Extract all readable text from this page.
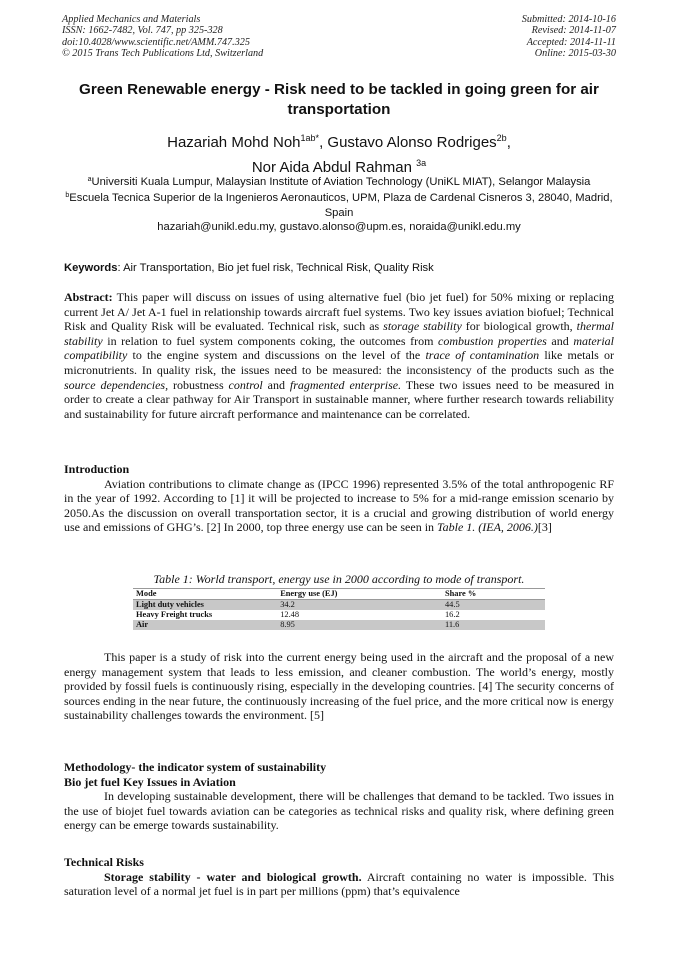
Applied Mechanics and Materials
ISSN: 1662-7482, Vol. 747, pp 325-328
doi:10.4028/www.scientific.net/AMM.747.325
© 2015 Trans Tech Publications Ltd, Switzerland
Submitted: 2014-10-16
Revised: 2014-11-07
Accepted: 2014-11-11
Online: 2015-03-30
Green Renewable energy - Risk need to be tackled in going green for air transportation
Hazariah Mohd Noh$^{1ab*}$, Gustavo Alonso Rodriges$^{2b}$,
Nor Aida Abdul Rahman $^{3a}$
$^a$Universiti Kuala Lumpur, Malaysian Institute of Aviation Technology (UniKL MIAT), Selangor Malaysia
$^b$Escuela Tecnica Superior de la Ingenieros Aeronauticos, UPM, Plaza de Cardenal Cisneros 3, 28040, Madrid, Spain
hazariah@unikl.edu.my, gustavo.alonso@upm.es, noraida@unikl.edu.my
Keywords: Air Transportation, Bio jet fuel risk, Technical Risk, Quality Risk
Abstract: This paper will discuss on issues of using alternative fuel (bio jet fuel) for 50% mixing or replacing current Jet A/ Jet A-1 fuel in relationship towards aircraft fuel systems. Two key issues aviation biofuel; Technical Risk and Quality Risk will be evaluated. Technical risk, such as storage stability for biological growth, thermal stability in relation to fuel system components coking, the outcomes from combustion properties and material compatibility to the engine system and discussions on the level of the trace of contamination like metals or micronutrients. In quality risk, the issues need to be measured: the inconsistency of the products such as the source dependencies, robustness control and fragmented enterprise. These two issues need to be measured in order to create a clear pathway for Air Transport in sustainable manner, where further research towards reliability and sustainability for future aircraft performance and maintenance can be correlated.
Introduction
Aviation contributions to climate change as (IPCC 1996) represented 3.5% of the total anthropogenic RF in the year of 1992. According to [1] it will be projected to increase to 5% for a mid-range emission scenario by 2050.As the discussion on overall transportation sector, it is a crucial and growing distribution of world energy use and emissions of GHG’s. [2] In 2000, top three energy use can be seen in Table 1. (IEA, 2006.)[3]
Table 1: World transport, energy use in 2000 according to mode of transport.
Mode	Energy use (EJ)	Share %
Light duty vehicles	34.2	44.5
Heavy Freight trucks	12.48	16.2
Air	8.95	11.6
This paper is a study of risk into the current energy being used in the aircraft and the proposal of a new energy management system that leads to less emission, and cleaner combustion. The world’s energy, mostly provided by fossil fuels is continuously rising, especially in the developing countries. [4] The security concerns of sources ending in the near future, the continuously increasing of the fuel price, and the more critical now is energy sustainability challenges towards the environment. [5]
Methodology- the indicator system of sustainability
Bio jet fuel Key Issues in Aviation
In developing sustainable development, there will be challenges that demand to be tackled. Two issues in the use of biojet fuel towards aviation can be categories as technical risks and quality risk, where defining green energy can be emerge towards sustainability.
Technical Risks
Storage stability - water and biological growth. Aircraft containing no water is impossible. This saturation level of a normal jet fuel is in part per millions (ppm) that’s equivalence
